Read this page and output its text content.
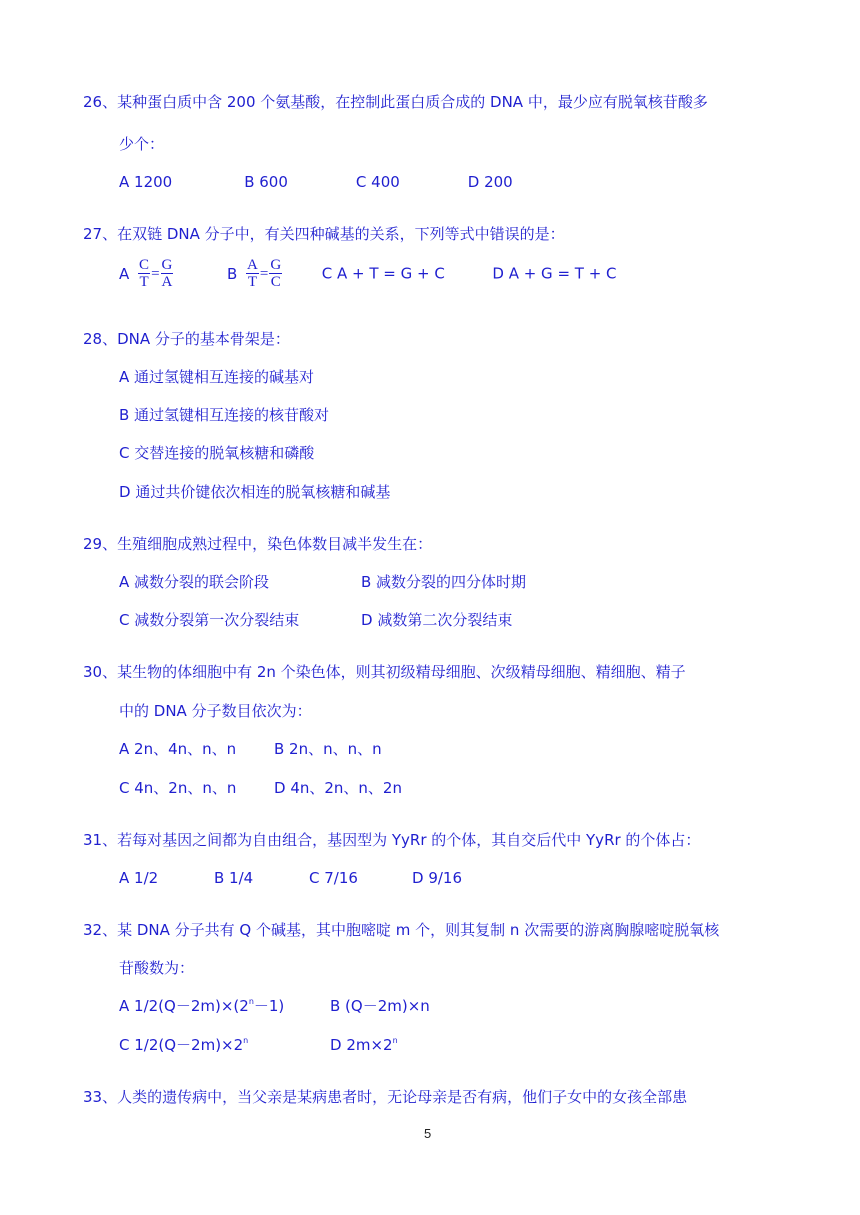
26、某种蛋白质中含 200 个氨基酸，在控制此蛋白质合成的 DNA 中，最少应有脱氧核苷酸多
少个：
A 1200	B 600	C 400	D 200
27、在双链 DNA 分子中，有关四种碱基的关系，下列等式中错误的是：
A $\frac{C}{T} = \frac{G}{A}$	B $\frac{A}{T} = \frac{G}{C}$	C A + T = G + C	D A + G = T + C
28、DNA 分子的基本骨架是：
A 通过氢键相互连接的碱基对
B 通过氢键相互连接的核苷酸对
C 交替连接的脱氧核糖和磷酸
D 通过共价键依次相连的脱氧核糖和碱基
29、生殖细胞成熟过程中，染色体数目减半发生在：
A 减数分裂的联会阶段	B 减数分裂的四分体时期
C 减数分裂第一次分裂结束	D 减数第二次分裂结束
30、某生物的体细胞中有 2n 个染色体，则其初级精母细胞、次级精母细胞、精细胞、精子
中的 DNA 分子数目依次为：
A 2n、4n、n、n	B 2n、n、n、n
C 4n、2n、n、n	D 4n、2n、n、2n
31、若每对基因之间都为自由组合，基因型为 YyRr 的个体，其自交后代中 YyRr 的个体占：
A 1/2	B 1/4	C 7/16	D 9/16
32、某 DNA 分子共有 Q 个碱基，其中胞嘧啶 m 个，则其复制 n 次需要的游离胸腺嘧啶脱氧核
苷酸数为：
A $1/2(Q-2m)\times(2^n-1)$	B (Q－2m)×n
C $1/2(Q-2m)\times 2^n$	D $2m\times 2^n$
33、人类的遗传病中，当父亲是某病患者时，无论母亲是否有病，他们子女中的女孩全部患
5
